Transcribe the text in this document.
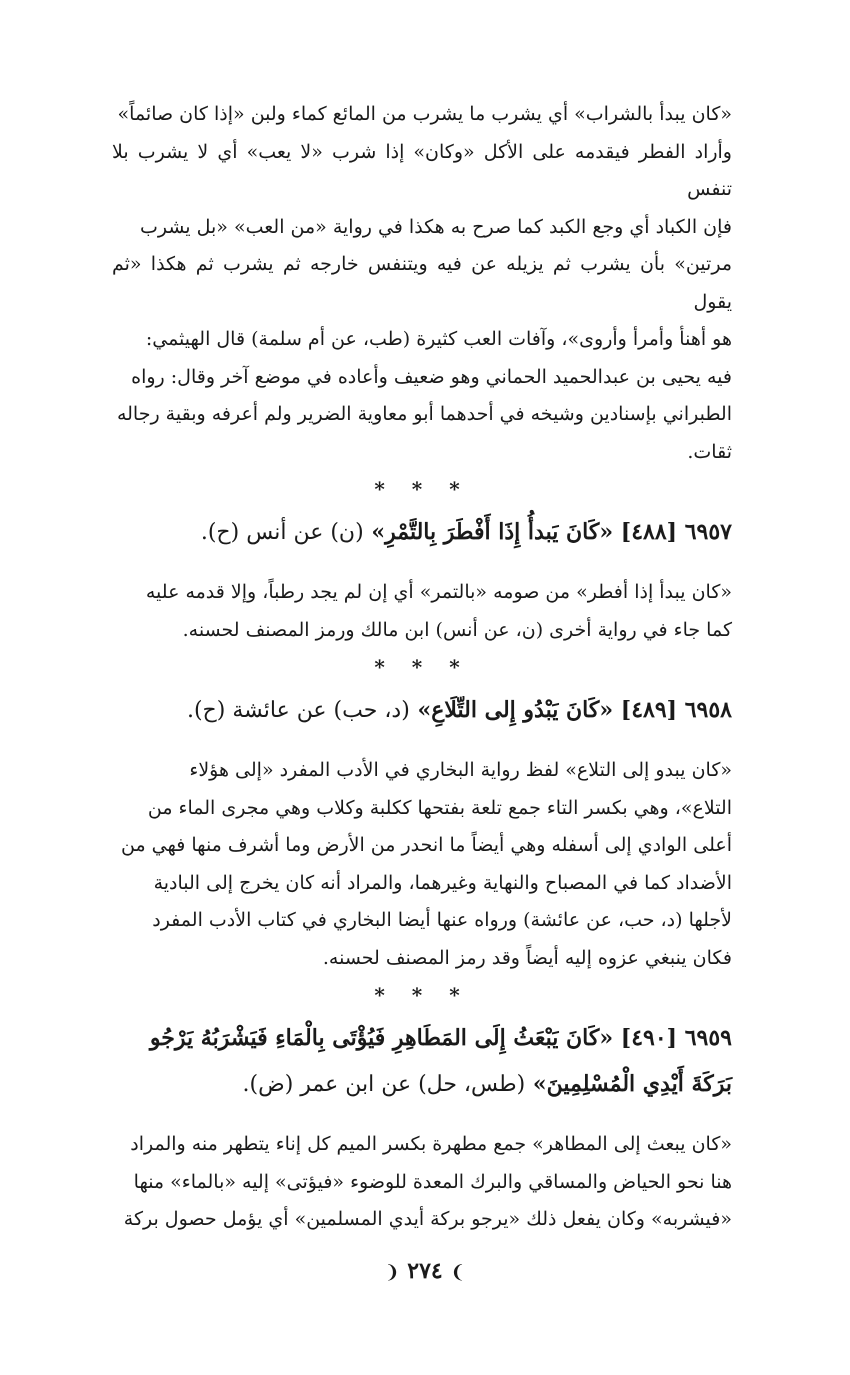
«كان يبدأ بالشراب» أي يشرب ما يشرب من المائع كماء ولبن «إذا كان صائماً»

وأراد الفطر فيقدمه على الأكل «وكان» إذا شرب «لا يعب» أي لا يشرب بلا تنفس

فإن الكباد أي وجع الكبد كما صرح به هكذا في رواية «من العب» «بل يشرب

مرتين» بأن يشرب ثم يزيله عن فيه ويتنفس خارجه ثم يشرب ثم هكذا «ثم يقول

هو أهنأ وأمرأ وأروى»، وآفات العب كثيرة (طب، عن أم سلمة) قال الهيثمي:

فيه يحيى بن عبدالحميد الحماني وهو ضعيف وأعاده في موضع آخر وقال: رواه

الطبراني بإسنادين وشيخه في أحدهما أبو معاوية الضرير ولم أعرفه وبقية رجاله

ثقات.

* * *
٦٩٥٧ [٤٨٨] «كَانَ يَبدأُ إِذَا أَفْطَرَ بِالتَّمْرِ» (ن) عن أنس (ح).

«كان يبدأ إذا أفطر» من صومه «بالتمر» أي إن لم يجد رطباً، وإلا قدمه عليه

كما جاء في رواية أخرى (ن، عن أنس) ابن مالك ورمز المصنف لحسنه.

* * *
٦٩٥٨ [٤٨٩] «كَانَ يَبْدُو إِلى التِّلَاعِ» (د، حب) عن عائشة (ح).

«كان يبدو إلى التلاع» لفظ رواية البخاري في الأدب المفرد «إلى هؤلاء

التلاع»، وهي بكسر التاء جمع تلعة بفتحها ككلبة وكلاب وهي مجرى الماء من

أعلى الوادي إلى أسفله وهي أيضاً ما انحدر من الأرض وما أشرف منها فهي من

الأضداد كما في المصباح والنهاية وغيرهما، والمراد أنه كان يخرج إلى البادية

لأجلها (د، حب، عن عائشة) ورواه عنها أيضا البخاري في كتاب الأدب المفرد

فكان ينبغي عزوه إليه أيضاً وقد رمز المصنف لحسنه.

* * *
٦٩٥٩ [٤٩٠] «كَانَ يَبْعَثُ إِلَى المَطَاهِرِ فَيُؤْتَى بِالْمَاءِ فَيَشْرَبُهُ يَرْجُو بَرَكَةَ أَيْدِي الْمُسْلِمِينَ» (طس، حل) عن ابن عمر (ض).

«كان يبعث إلى المطاهر» جمع مطهرة بكسر الميم كل إناء يتطهر منه والمراد

هنا نحو الحياض والمساقي والبرك المعدة للوضوء «فيؤتى» إليه «بالماء» منها

«فيشربه» وكان يفعل ذلك «يرجو بركة أيدي المسلمين» أي يؤمل حصول بركة

❩ ٢٧٤ ❨
